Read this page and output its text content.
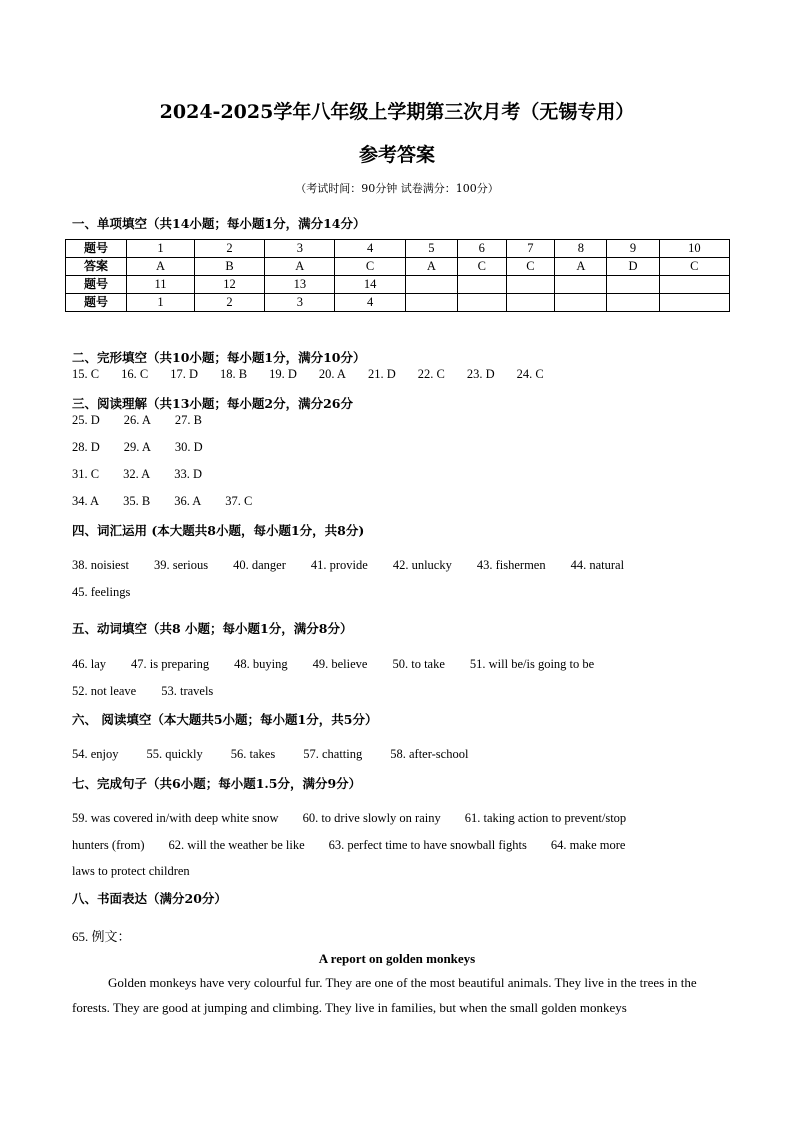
2024-2025学年八年级上学期第三次月考（无锡专用）
参考答案
（考试时间：90分钟 试卷满分：100分）
一、单项填空（共14小题；每小题1分，满分14分）
题号	1	2	3	4	5	6	7	8	9	10
答案	A	B	A	C	A	C	C	A	D	C
题号	11	12	13	14						
题号	1	2	3	4						
二、完形填空（共10小题；每小题1分，满分10分）
15. C 16. C 17. D 18. B 19. D 20. A 21. D 22. C 23. D 24. C
三、阅读理解（共13小题；每小题2分，满分26分
25. D 26. A 27. B
28. D 29. A 30. D
31. C 32. A 33. D
34. A 35. B 36. A 37. C
四、词汇运用 (本大题共8小题，每小题1分，共8分)
38. noisiest 39. serious 40. danger 41. provide 42. unlucky 43. fishermen 44. natural
45. feelings
五、动词填空（共8 小题；每小题1分，满分8分）
46. lay 47. is preparing 48. buying 49. believe 50. to take 51. will be/is going to be
52. not leave 53. travels
六、 阅读填空（本大题共5小题；每小题1分，共5分）
54. enjoy 55. quickly 56. takes 57. chatting 58. after-school
七、完成句子（共6小题；每小题1.5分，满分9分）
59. was covered in/with deep white snow 60. to drive slowly on rainy 61. taking action to prevent/stop
hunters (from) 62. will the weather be like 63. perfect time to have snowball fights 64. make more
laws to protect children
八、书面表达（满分20分）
65. 例文：
A report on golden monkeys
Golden monkeys have very colourful fur. They are one of the most beautiful animals. They live in the trees in the forests. They are good at jumping and climbing. They live in families, but when the small golden monkeys
